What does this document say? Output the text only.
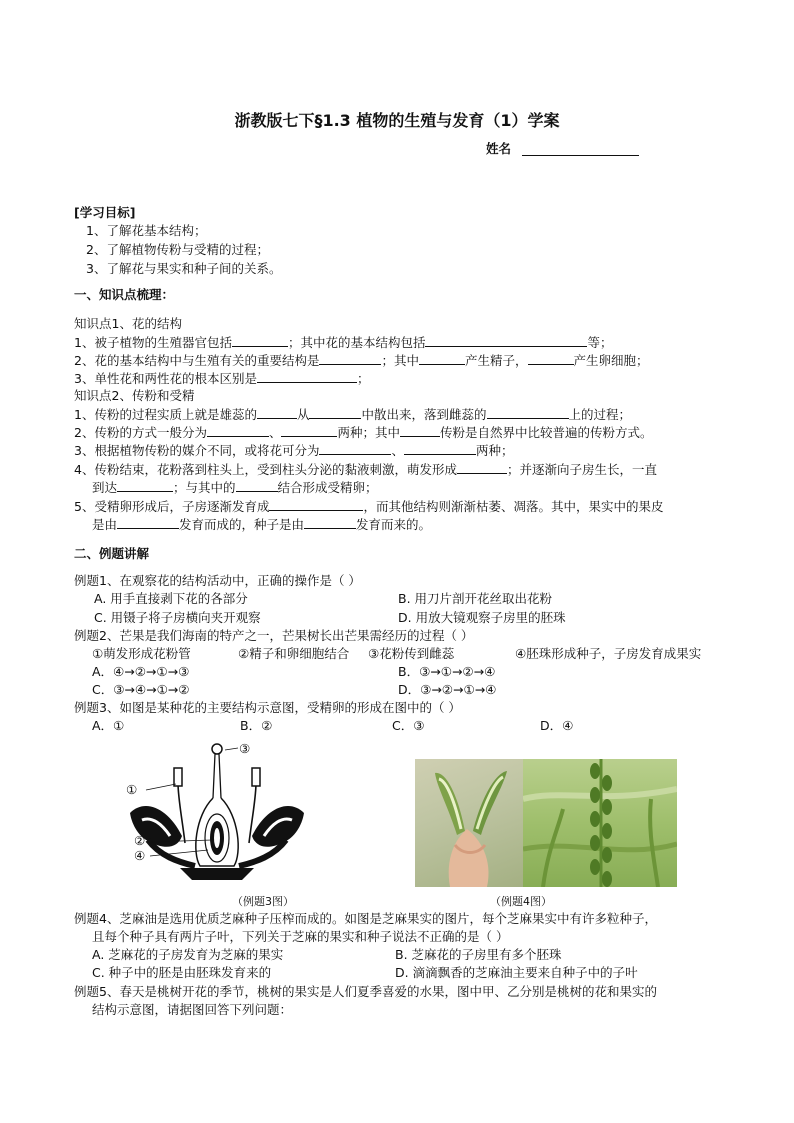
浙教版七下§1.3 植物的生殖与发育（1）学案
姓名
[学习目标]
1、了解花基本结构；
2、了解植物传粉与受精的过程；
3、了解花与果实和种子间的关系。
一、知识点梳理：
知识点1、花的结构
1、被子植物的生殖器官包括	；其中花的基本结构包括	等；
2、花的基本结构中与生殖有关的重要结构是	；其中	产生精子，	产生卵细胞；
3、单性花和两性花的根本区别是	；
知识点2、传粉和受精
1、传粉的过程实质上就是雄蕊的	从	中散出来，落到雌蕊的	上的过程；
2、传粉的方式一般分为	、	两种；其中	传粉是自然界中比较普遍的传粉方式。
3、根据植物传粉的媒介不同，或将花可分为	、	两种；
4、传粉结束，花粉落到柱头上，受到柱头分泌的黏液刺激，萌发形成	；并逐渐向子房生长，一直
到达	；与其中的	结合形成受精卵；
5、受精卵形成后，子房逐渐发育成	，而其他结构则渐渐枯萎、凋落。其中，果实中的果皮
是由	发育而成的，种子是由	发育而来的。
二、例题讲解
例题1、在观察花的结构活动中，正确的操作是（ ）
A. 用手直接剥下花的各部分	B. 用刀片剖开花丝取出花粉
C. 用镊子将子房横向夹开观察	D. 用放大镜观察子房里的胚珠
例题2、芒果是我们海南的特产之一，芒果树长出芒果需经历的过程（ ）
①萌发形成花粉管	②精子和卵细胞结合 ③花粉传到雌蕊	④胚珠形成种子，子房发育成果实
A．④→②→①→③	B．③→①→②→④
C．③→④→①→②	D．③→②→①→④
例题3、如图是某种花的主要结构示意图，受精卵的形成在图中的（ ）
A．①	B．②	C．③	D．④
①
③
②
④
（例题3图）	（例题4图）
例题4、芝麻油是选用优质芝麻种子压榨而成的。如图是芝麻果实的图片，每个芝麻果实中有许多粒种子，
且每个种子具有两片子叶，下列关于芝麻的果实和种子说法不正确的是（ ）
A. 芝麻花的子房发育为芝麻的果实	B. 芝麻花的子房里有多个胚珠
C. 种子中的胚是由胚珠发育来的	D. 滴滴飘香的芝麻油主要来自种子中的子叶
例题5、春天是桃树开花的季节，桃树的果实是人们夏季喜爱的水果，图中甲、乙分别是桃树的花和果实的
结构示意图，请据图回答下列问题：
